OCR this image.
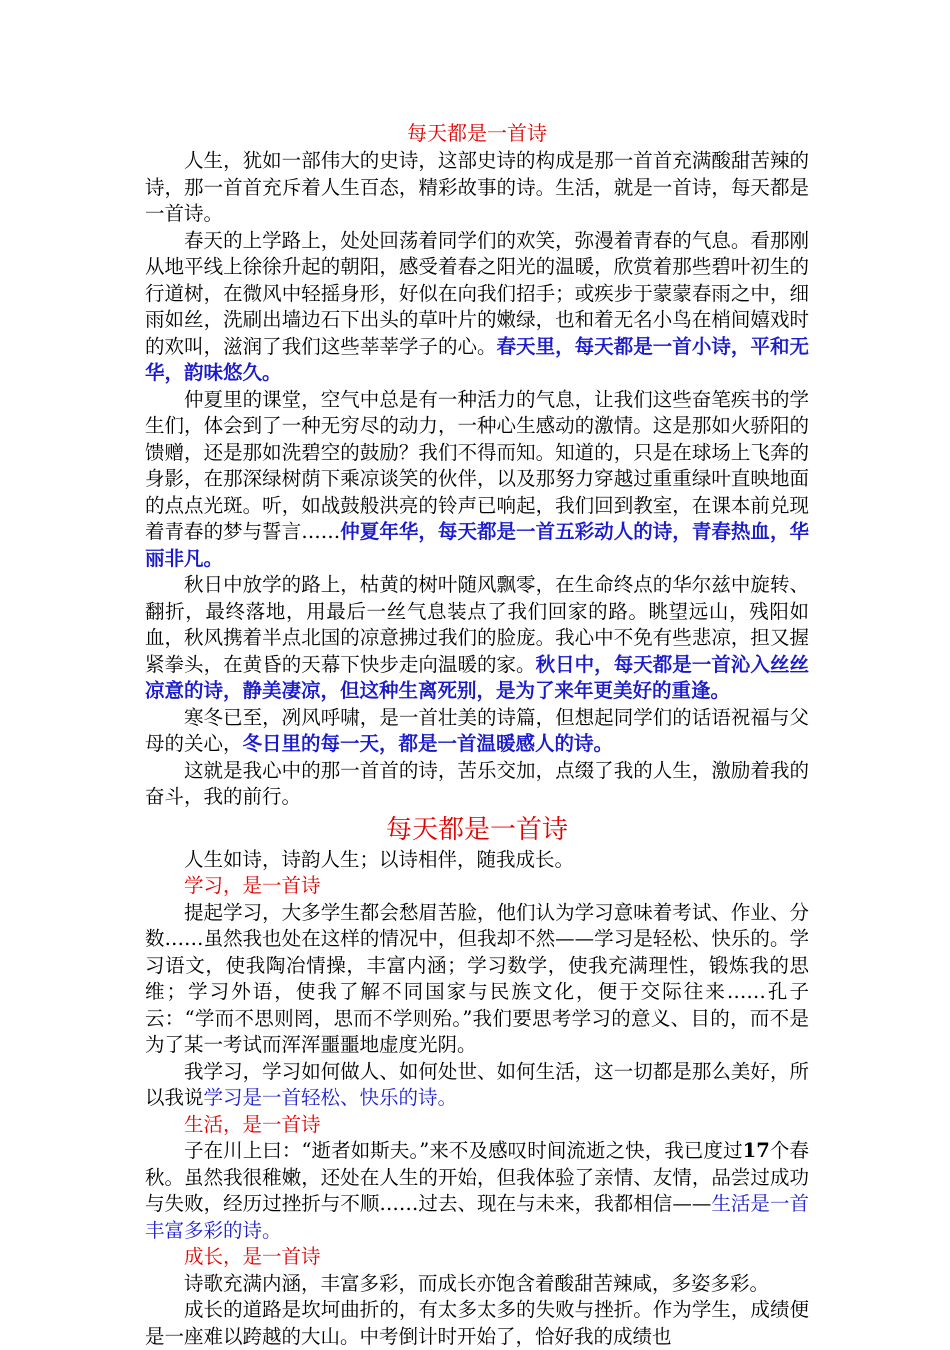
每天都是一首诗

人生，犹如一部伟大的史诗，这部史诗的构成是那一首首充满酸甜苦辣的诗，那一首首充斥着人生百态，精彩故事的诗。生活，就是一首诗，每天都是一首诗。

春天的上学路上，处处回荡着同学们的欢笑，弥漫着青春的气息。看那刚从地平线上徐徐升起的朝阳，感受着春之阳光的温暖，欣赏着那些碧叶初生的行道树，在微风中轻摇身形，好似在向我们招手；或疾步于蒙蒙春雨之中，细雨如丝，洗刷出墙边石下出头的草叶片的嫩绿，也和着无名小鸟在梢间嬉戏时的欢叫，滋润了我们这些莘莘学子的心。春天里，每天都是一首小诗，平和无华，韵味悠久。

仲夏里的课堂，空气中总是有一种活力的气息，让我们这些奋笔疾书的学生们，体会到了一种无穷尽的动力，一种心生感动的激情。这是那如火骄阳的馈赠，还是那如洗碧空的鼓励？我们不得而知。知道的，只是在球场上飞奔的身影，在那深绿树荫下乘凉谈笑的伙伴，以及那努力穿越过重重绿叶直映地面的点点光斑。听，如战鼓般洪亮的铃声已响起，我们回到教室，在课本前兑现着青春的梦与誓言……仲夏年华，每天都是一首五彩动人的诗，青春热血，华丽非凡。

秋日中放学的路上，枯黄的树叶随风飘零，在生命终点的华尔兹中旋转、翻折，最终落地，用最后一丝气息装点了我们回家的路。眺望远山，残阳如血，秋风携着半点北国的凉意拂过我们的脸庞。我心中不免有些悲凉，担又握紧拳头，在黄昏的天幕下快步走向温暖的家。秋日中，每天都是一首沁入丝丝凉意的诗，静美凄凉，但这种生离死别，是为了来年更美好的重逢。

寒冬已至，冽风呼啸，是一首壮美的诗篇，但想起同学们的话语祝福与父母的关心，冬日里的每一天，都是一首温暖感人的诗。

这就是我心中的那一首首的诗，苦乐交加，点缀了我的人生，激励着我的奋斗，我的前行。

每天都是一首诗

人生如诗，诗韵人生；以诗相伴，随我成长。

学习，是一首诗

提起学习，大多学生都会愁眉苦脸，他们认为学习意味着考试、作业、分数……虽然我也处在这样的情况中，但我却不然——学习是轻松、快乐的。学习语文，使我陶冶情操，丰富内涵；学习数学，使我充满理性，锻炼我的思维；学习外语，使我了解不同国家与民族文化，便于交际往来……孔子云：“学而不思则罔，思而不学则殆。”我们要思考学习的意义、目的，而不是为了某一考试而浑浑噩噩地虚度光阴。

我学习，学习如何做人、如何处世、如何生活，这一切都是那么美好，所以我说学习是一首轻松、快乐的诗。

生活，是一首诗

子在川上曰：“逝者如斯夫。”来不及感叹时间流逝之快，我已度过17个春秋。虽然我很稚嫩，还处在人生的开始，但我体验了亲情、友情，品尝过成功与失败，经历过挫折与不顺……过去、现在与未来，我都相信——生活是一首丰富多彩的诗。

成长，是一首诗

诗歌充满内涵，丰富多彩，而成长亦饱含着酸甜苦辣咸，多姿多彩。

成长的道路是坎坷曲折的，有太多太多的失败与挫折。作为学生，成绩便是一座难以跨越的大山。中考倒计时开始了，恰好我的成绩也
